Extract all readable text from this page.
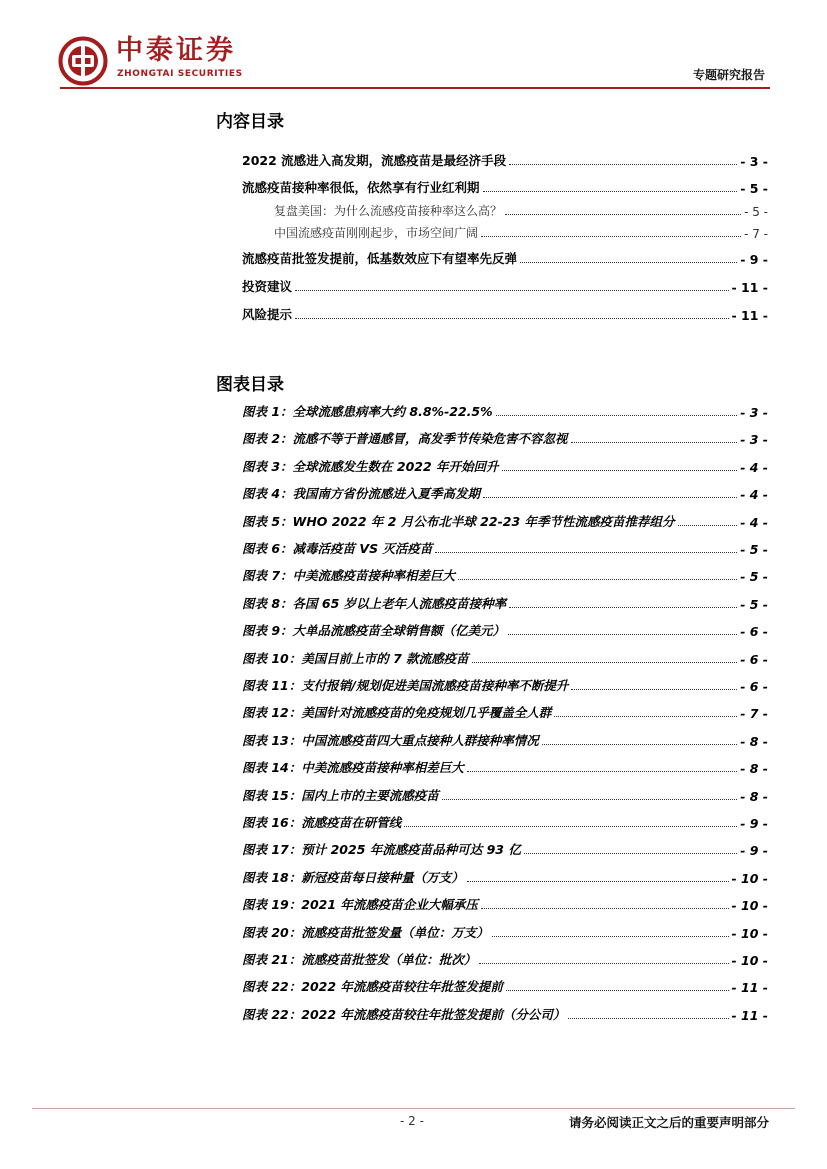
中泰证券
ZHONGTAI SECURITIES	专题研究报告
内容目录
2022 流感进入高发期，流感疫苗是最经济手段	- 3 -
流感疫苗接种率很低，依然享有行业红利期	- 5 -
复盘美国：为什么流感疫苗接种率这么高？	- 5 -
中国流感疫苗刚刚起步，市场空间广阔	- 7 -
流感疫苗批签发提前，低基数效应下有望率先反弹	- 9 -
投资建议	- 11 -
风险提示	- 11 -
图表目录
图表 1：全球流感患病率大约 8.8%-22.5%	- 3 -
图表 2：流感不等于普通感冒，高发季节传染危害不容忽视	- 3 -
图表 3：全球流感发生数在 2022 年开始回升	- 4 -
图表 4：我国南方省份流感进入夏季高发期	- 4 -
图表 5：WHO 2022 年 2 月公布北半球 22-23 年季节性流感疫苗推荐组分	- 4 -
图表 6：减毒活疫苗 VS 灭活疫苗	- 5 -
图表 7：中美流感疫苗接种率相差巨大	- 5 -
图表 8：各国 65 岁以上老年人流感疫苗接种率	- 5 -
图表 9：大单品流感疫苗全球销售额（亿美元）	- 6 -
图表 10：美国目前上市的 7 款流感疫苗	- 6 -
图表 11：支付报销/规划促进美国流感疫苗接种率不断提升	- 6 -
图表 12：美国针对流感疫苗的免疫规划几乎覆盖全人群	- 7 -
图表 13：中国流感疫苗四大重点接种人群接种率情况	- 8 -
图表 14：中美流感疫苗接种率相差巨大	- 8 -
图表 15：国内上市的主要流感疫苗	- 8 -
图表 16：流感疫苗在研管线	- 9 -
图表 17：预计 2025 年流感疫苗品种可达 93 亿	- 9 -
图表 18：新冠疫苗每日接种量（万支）	- 10 -
图表 19：2021 年流感疫苗企业大幅承压	- 10 -
图表 20：流感疫苗批签发量（单位：万支）	- 10 -
图表 21：流感疫苗批签发（单位：批次）	- 10 -
图表 22：2022 年流感疫苗较往年批签发提前	- 11 -
图表 22：2022 年流感疫苗较往年批签发提前（分公司）	- 11 -
- 2 -	请务必阅读正文之后的重要声明部分
